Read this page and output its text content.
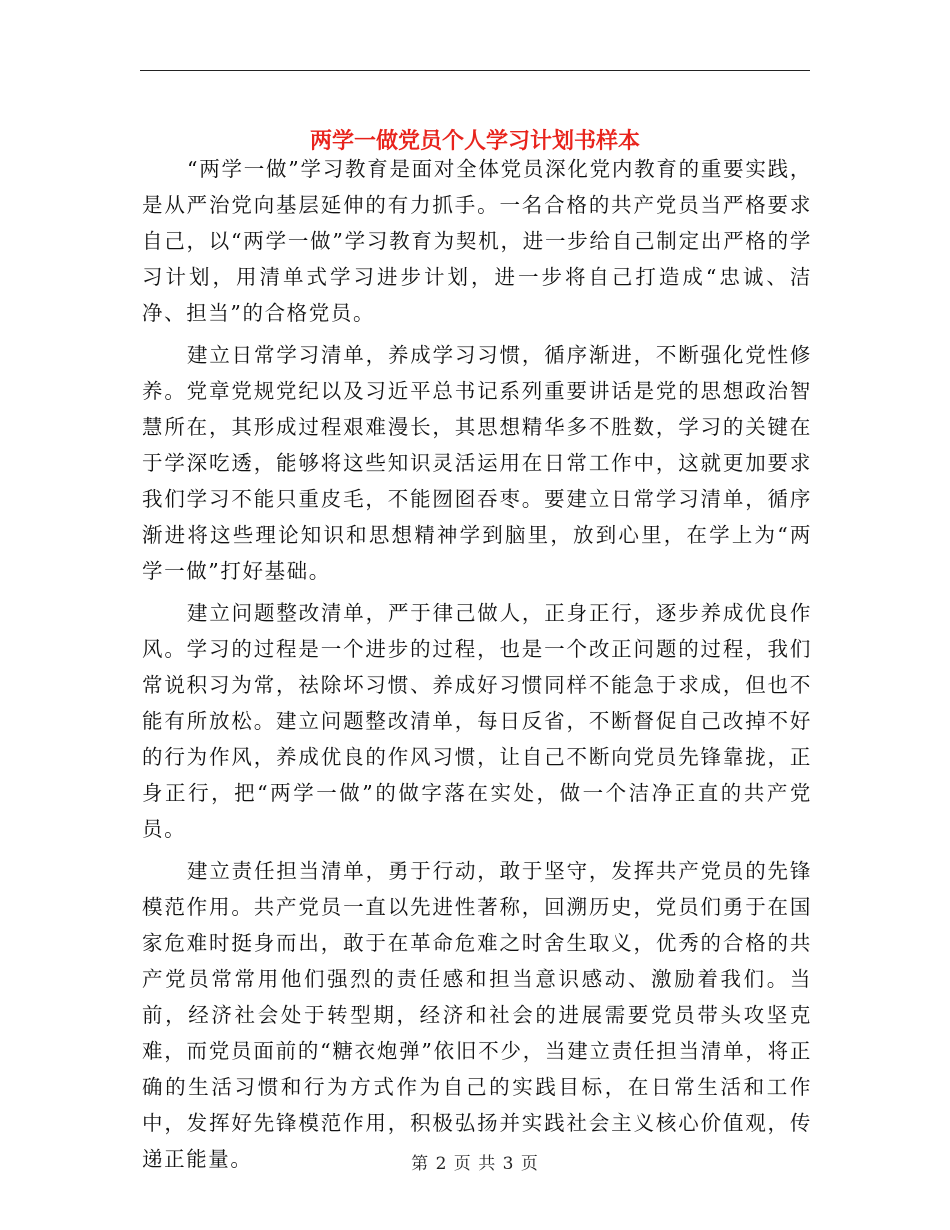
两学一做党员个人学习计划书样本

“两学一做”学习教育是面对全体党员深化党内教育的重要实践，是从严治党向基层延伸的有力抓手。一名合格的共产党员当严格要求自己，以“两学一做”学习教育为契机，进一步给自己制定出严格的学习计划，用清单式学习进步计划，进一步将自己打造成“忠诚、洁净、担当”的合格党员。

建立日常学习清单，养成学习习惯，循序渐进，不断强化党性修养。党章党规党纪以及习近平总书记系列重要讲话是党的思想政治智慧所在，其形成过程艰难漫长，其思想精华多不胜数，学习的关键在于学深吃透，能够将这些知识灵活运用在日常工作中，这就更加要求我们学习不能只重皮毛，不能囫囵吞枣。要建立日常学习清单，循序渐进将这些理论知识和思想精神学到脑里，放到心里，在学上为“两学一做”打好基础。

建立问题整改清单，严于律己做人，正身正行，逐步养成优良作风。学习的过程是一个进步的过程，也是一个改正问题的过程，我们常说积习为常，祛除坏习惯、养成好习惯同样不能急于求成，但也不能有所放松。建立问题整改清单，每日反省，不断督促自己改掉不好的行为作风，养成优良的作风习惯，让自己不断向党员先锋靠拢，正身正行，把“两学一做”的做字落在实处，做一个洁净正直的共产党员。

建立责任担当清单，勇于行动，敢于坚守，发挥共产党员的先锋模范作用。共产党员一直以先进性著称，回溯历史，党员们勇于在国家危难时挺身而出，敢于在革命危难之时舍生取义，优秀的合格的共产党员常常用他们强烈的责任感和担当意识感动、激励着我们。当前，经济社会处于转型期，经济和社会的进展需要党员带头攻坚克难，而党员面前的“糖衣炮弹”依旧不少，当建立责任担当清单，将正确的生活习惯和行为方式作为自己的实践目标，在日常生活和工作中，发挥好先锋模范作用，积极弘扬并实践社会主义核心价值观，传递正能量。	第 2 页 共 3 页
